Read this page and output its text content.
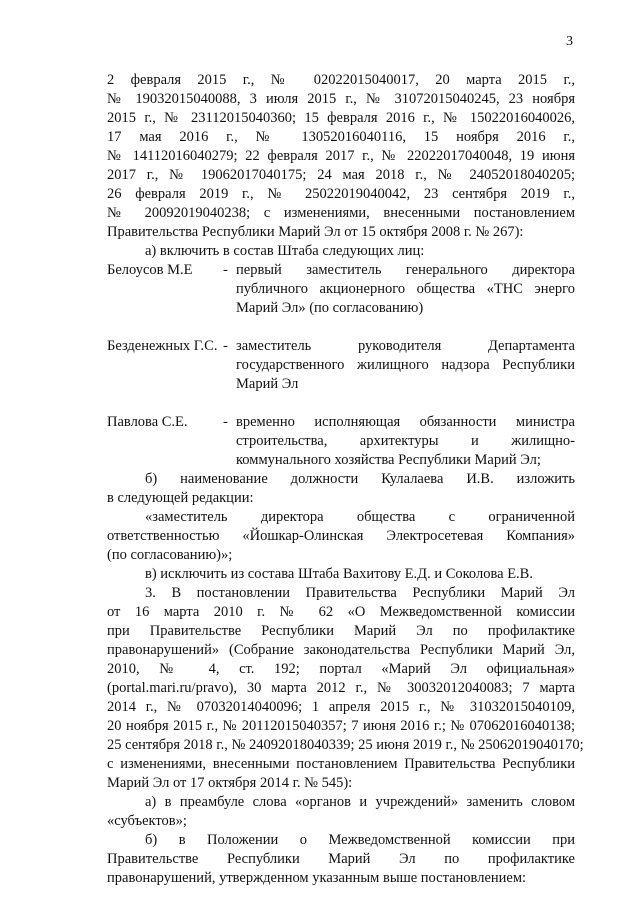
3
2 февраля 2015 г., № 02022015040017, 20 марта 2015 г.,
№ 19032015040088, 3 июля 2015 г., № 31072015040245, 23 ноября
2015 г., № 23112015040360; 15 февраля 2016 г., № 15022016040026,
17 мая 2016 г., № 13052016040116, 15 ноября 2016 г.,
№ 14112016040279; 22 февраля 2017 г., № 22022017040048, 19 июня
2017 г., № 19062017040175; 24 мая 2018 г., № 24052018040205;
26 февраля 2019 г., № 25022019040042, 23 сентября 2019 г.,
№ 20092019040238; с изменениями, внесенными постановлением
Правительства Республики Марий Эл от 15 октября 2008 г. № 267):
а) включить в состав Штаба следующих лиц:
Белоусов М.Е - первый заместитель генерального директора
публичного акционерного общества «ТНС энерго
Марий Эл» (по согласованию)
Безденежных Г.С. - заместитель руководителя Департамента
государственного жилищного надзора Республики
Марий Эл
Павлова С.Е. - временно исполняющая обязанности министра
строительства, архитектуры и жилищно-
коммунального хозяйства Республики Марий Эл;
б) наименование должности Кулалаева И.В. изложить
в следующей редакции:
«заместитель директора общества с ограниченной
ответственностью «Йошкар-Олинская Электросетевая Компания»
(по согласованию)»;
в) исключить из состава Штаба Вахитову Е.Д. и Соколова Е.В.
3. В постановлении Правительства Республики Марий Эл
от 16 марта 2010 г. № 62 «О Межведомственной комиссии
при Правительстве Республики Марий Эл по профилактике
правонарушений» (Собрание законодательства Республики Марий Эл,
2010, № 4, ст. 192; портал «Марий Эл официальная»
(portal.mari.ru/pravo), 30 марта 2012 г., № 30032012040083; 7 марта
2014 г., № 07032014040096; 1 апреля 2015 г., № 31032015040109,
20 ноября 2015 г., № 20112015040357; 7 июня 2016 г.; № 07062016040138;
25 сентября 2018 г., № 24092018040339; 25 июня 2019 г., № 25062019040170;
с изменениями, внесенными постановлением Правительства Республики
Марий Эл от 17 октября 2014 г. № 545):
а) в преамбуле слова «органов и учреждений» заменить словом
«субъектов»;
б) в Положении о Межведомственной комиссии при
Правительстве Республики Марий Эл по профилактике
правонарушений, утвержденном указанным выше постановлением:
